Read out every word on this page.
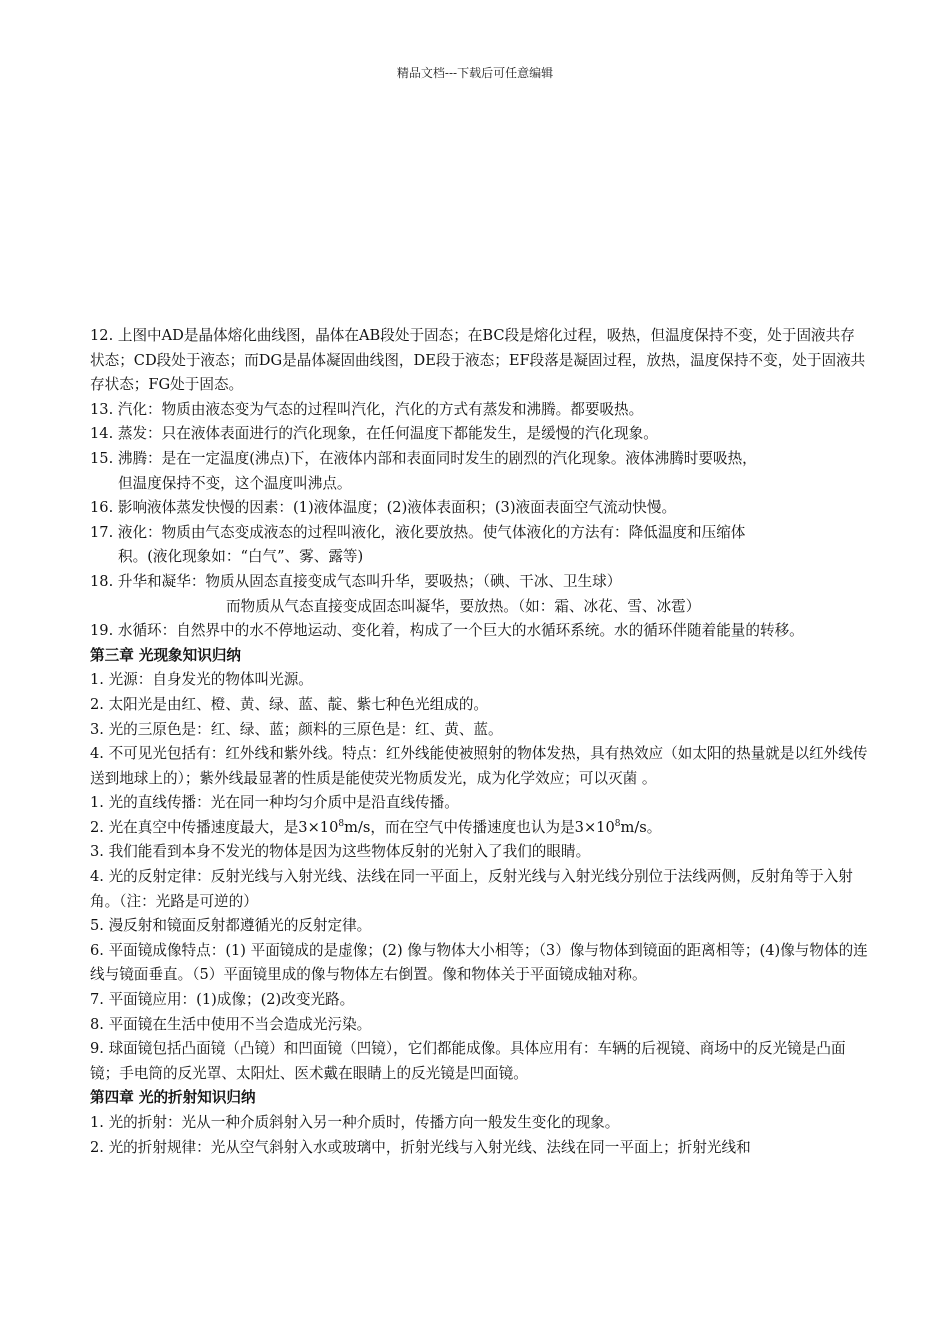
精品文档---下载后可任意编辑

12. 上图中AD是晶体熔化曲线图，晶体在AB段处于固态；在BC段是熔化过程，吸热，但温度保持不变，处于固液共存状态；CD段处于液态；而DG是晶体凝固曲线图，DE段于液态；EF段落是凝固过程，放热，温度保持不变，处于固液共存状态；FG处于固态。

13. 汽化：物质由液态变为气态的过程叫汽化，汽化的方式有蒸发和沸腾。都要吸热。

14. 蒸发：只在液体表面进行的汽化现象，在任何温度下都能发生，是缓慢的汽化现象。

15. 沸腾：是在一定温度(沸点)下，在液体内部和表面同时发生的剧烈的汽化现象。液体沸腾时要吸热，

但温度保持不变，这个温度叫沸点。

16. 影响液体蒸发快慢的因素：(1)液体温度；(2)液体表面积；(3)液面表面空气流动快慢。

17. 液化：物质由气态变成液态的过程叫液化，液化要放热。使气体液化的方法有：降低温度和压缩体

积。(液化现象如：“白气”、雾、露等)

18. 升华和凝华：物质从固态直接变成气态叫升华，要吸热；（碘、干冰、卫生球）

而物质从气态直接变成固态叫凝华，要放热。（如：霜、冰花、雪、冰雹）

19. 水循环：自然界中的水不停地运动、变化着，构成了一个巨大的水循环系统。水的循环伴随着能量的转移。

第三章 光现象知识归纳

1. 光源：自身发光的物体叫光源。

2. 太阳光是由红、橙、黄、绿、蓝、靛、紫七种色光组成的。

3. 光的三原色是：红、绿、蓝；颜料的三原色是：红、黄、蓝。

4. 不可见光包括有：红外线和紫外线。特点：红外线能使被照射的物体发热，具有热效应（如太阳的热量就是以红外线传送到地球上的）；紫外线最显著的性质是能使荧光物质发光，成为化学效应；可以灭菌 。

1. 光的直线传播：光在同一种均匀介质中是沿直线传播。

2. 光在真空中传播速度最大，是$3\times 10^8m/s$，而在空气中传播速度也认为是$3\times 10^8m/s$。

3. 我们能看到本身不发光的物体是因为这些物体反射的光射入了我们的眼睛。

4. 光的反射定律：反射光线与入射光线、法线在同一平面上，反射光线与入射光线分别位于法线两侧，反射角等于入射角。（注：光路是可逆的）

5. 漫反射和镜面反射都遵循光的反射定律。

6. 平面镜成像特点：(1) 平面镜成的是虚像；(2) 像与物体大小相等；（3）像与物体到镜面的距离相等；(4)像与物体的连线与镜面垂直。（5）平面镜里成的像与物体左右倒置。像和物体关于平面镜成轴对称。

7. 平面镜应用：(1)成像；(2)改变光路。

8. 平面镜在生活中使用不当会造成光污染。

9. 球面镜包括凸面镜（凸镜）和凹面镜（凹镜），它们都能成像。具体应用有：车辆的后视镜、商场中的反光镜是凸面镜；手电筒的反光罩、太阳灶、医术戴在眼睛上的反光镜是凹面镜。

第四章 光的折射知识归纳

1. 光的折射：光从一种介质斜射入另一种介质时，传播方向一般发生变化的现象。

2. 光的折射规律：光从空气斜射入水或玻璃中，折射光线与入射光线、法线在同一平面上；折射光线和
